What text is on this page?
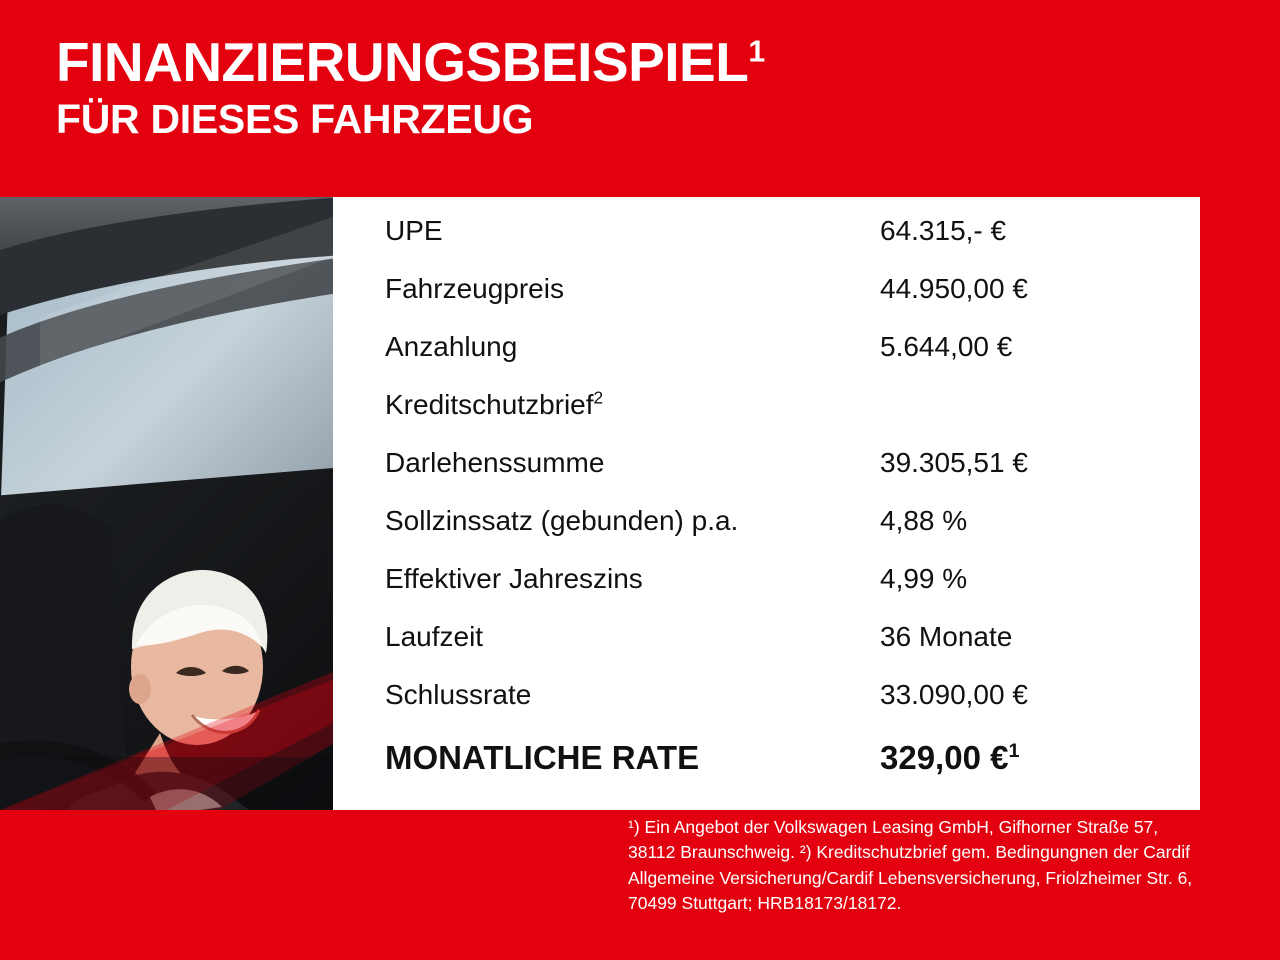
FINANZIERUNGSBEISPIEL$^1$
FÜR DIESES FAHRZEUG
UPE	64.315,- €
Fahrzeugpreis	44.950,00 €
Anzahlung	5.644,00 €
Kreditschutzbrief$^2$
Darlehenssumme	39.305,51 €
Sollzinssatz (gebunden) p.a.	4,88 %
Effektiver Jahreszins	4,99 %
Laufzeit	36 Monate
Schlussrate	33.090,00 €
MONATLICHE RATE	329,00 €$^1$
¹) Ein Angebot der Volkswagen Leasing GmbH, Gifhorner Straße 57, 38112 Braunschweig. ²) Kreditschutzbrief gem. Bedingungnen der Cardif Allgemeine Versicherung/Cardif Lebensversicherung, Friolzheimer Str. 6, 70499 Stuttgart; HRB18173/18172.
